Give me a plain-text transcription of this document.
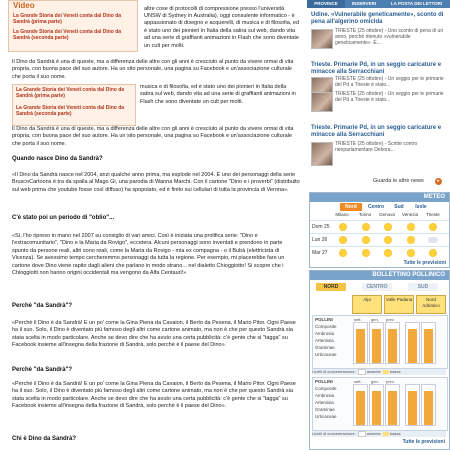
Video
La Grande Storia dei Veneti conta dal Dino da Sandrà (prima parte)
La Grande Storia dei Veneti conta dal Dino da Sandrà (seconda parte)

altre cose di protocolli di compressione presso l'università UNSW di Sydney in Australia), oggi consulente informatico - è appassionato di disegno e acquerelli, di musica e di filosofia, ed è stato uno dei pionieri in Italia della satira sul web, dando vita ad una serie di graffianti animazioni in Flash che sono diventate un cult per molti.

Il Dino da Sandrà è una di queste, ma a differenza delle altre con gli anni è cresciuto al punto da vivere ormai di vita propria, con buona pace del suo autore. Ha un sito personale, una pagina su Facebook e un'associazione culturale che porta il suo nome.

La Grande Storia dei Veneti conta dal Dino da Sandrà (prima parte)
La Grande Storia dei Veneti conta dal Dino da Sandrà (seconda parte)

musica e di filosofia, ed è stato uno dei pionieri in Italia della satira sul web, dando vita ad una serie di graffianti animazioni in Flash che sono diventate un cult per molti.

Il Dino da Sandrà è una di queste, ma a differenza delle altre con gli anni è cresciuto al punto da vivere ormai di vita propria, con buona pace del suo autore. Ha un sito personale, una pagina su Facebook e un'associazione culturale che porta il suo nome.

Quando nasce Dino da Sandrà?

«Il Dino da Sandrà nasce nel 2004, anzi qualche anno prima, ma esplode nel 2004. È uno dei personaggi della serie BruscoCartoons è tra da spalla al Mago Gi, una parodia di Wanna Marchi. Con il cartone "Dino e i proverbi" (distribuito sul web prima che youtube fosse così diffuso) ha spopolato, ed è finito sui cellulari di tutta la provincia di Verona».

C'è stato poi un periodo di "oblio"...

«Sì, l'ho ripreso in mano nel 2007 su consiglio di vari amici. Così è iniziata una prolifica serie: "Dino e l'extracomunitario", "Dino e la Maria da Rovigo", eccetera. Alcuni personaggi sono inventati e prendono in parte spunto da persone reali, altri sono reali, come la Maria da Rovigo - mia ex compagna - o il Bubà (elettricista di Vicenza). Se avessimo tempo cercheremmo personaggi da tutta la regione. Per esempio, mi piacerebbe fare un cartone dove Dino viene rapito dagli alieni che parlano in modo strano... nel dialetto Chioggiotto! Si scopre che i Chioggiotti non hanno origini occidentali ma vengono da Alfa Centauri!»

Perchè "da Sandrà"?

«Perchè il Dino è da Sandrà! E un po' come la Gina Piena da Cavaion, il Berto da Pesena, il Mario Pitor. Ogni Paese ha il suo. Solo, il Dino è diventato più famoso degli altri come cartone animato, ma non è che per questo Sandrà sia stata scelta in modo particolare. Anche se devo dire che ha avuto una certa pubblicità: c'è gente che si "tagga" su Facebook insieme all'insegna della frazione di Sandrà, solo perchè è il paese del Dino».

Perchè "da Sandrà"?

«Perchè il Dino è da Sandrà! E un po' come la Gina Piena da Cavaion, il Berto da Pesena, il Mario Pitor. Ogni Paese ha il suo. Solo, il Dino è diventato più famoso degli altri come cartone animato, ma non è che per questo Sandrà sia stata scelta in modo particolare. Anche se devo dire che ha avuto una certa pubblicità: c'è gente che si "tagga" su Facebook insieme all'insegna della frazione di Sandrà, solo perchè è il paese del Dino».

Chi è Dino da Sandrà?

PROVINCE	INSERVERI	LA POSTA DEI LETTORI

Udine. «Vulnerabile geneticamente», sconto di pena all'algerino omicida

TRIESTE (25 ottobre) - Uno sconto di pena di un anno, perchè ritenuto «vulnerabile geneticamente». È...

Trieste. Primarie Pd, in un seggio caricature e minacce alla Serracchiani

TRIESTE (25 ottobre) - Un seggio per le primarie del Pd a Trieste è stato...

TRIESTE (25 ottobre) - Un seggio per le primarie del Pd a Trieste è stato...

Trieste. Primarie Pd, in un seggio caricature e minacce alla Serracchiani

TRIESTE (25 ottobre) - Scritte contro neoparlamentare Debora...

Guarda le altre news	▸
METEO
Nord	Centro	Sud	Isole
Milano	Torino	Genova	Venezia	Trieste
Dom 25
Lun 26
Mar 27
Tutte le previsioni
BOLLETTINO POLLINICO
NORD	CENTRO	SUD
Alpi	Valle Padana	Nord Adriatico
POLLINI
Composite
Ambrosia
Artemisia
Graminae
Urticaceae
sett. gen. prev.
Livelli di concentrazione:	assente bassa
POLLINI
Composite
Ambrosia
Artemisia
Graminae
Urticaceae
sett. gen. prev.
Livelli di concentrazione:	assente bassa
Tutte le previsioni
